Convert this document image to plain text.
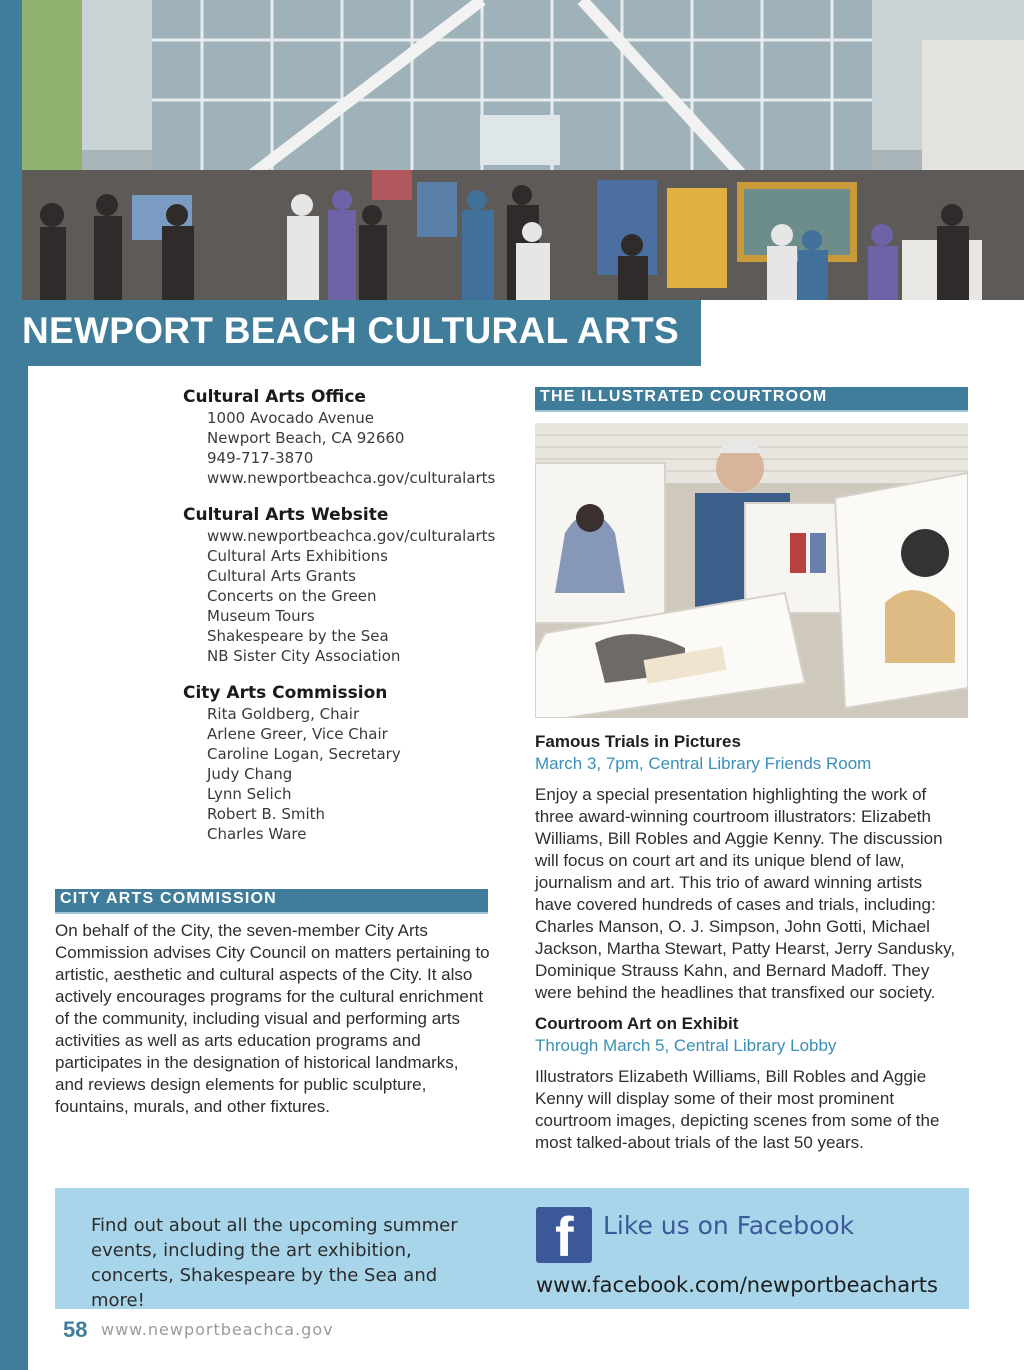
NEWPORT BEACH CULTURAL ARTS
Cultural Arts Office
1000 Avocado Avenue
Newport Beach, CA 92660
949-717-3870
www.newportbeachca.gov/culturalarts
Cultural Arts Website
www.newportbeachca.gov/culturalarts
Cultural Arts Exhibitions
Cultural Arts Grants
Concerts on the Green
Museum Tours
Shakespeare by the Sea
NB Sister City Association
City Arts Commission
Rita Goldberg, Chair
Arlene Greer, Vice Chair
Caroline Logan, Secretary
Judy Chang
Lynn Selich
Robert B. Smith
Charles Ware
CITY ARTS COMMISSION
On behalf of the City, the seven-member City Arts Commission advises City Council on matters pertaining to artistic, aesthetic and cultural aspects of the City. It also actively encourages programs for the cultural enrichment of the community, including visual and performing arts activities as well as arts education programs and participates in the designation of historical landmarks, and reviews design elements for public sculpture, fountains, murals, and other fixtures.
THE ILLUSTRATED COURTROOM
Famous Trials in Pictures
March 3, 7pm, Central Library Friends Room
Enjoy a special presentation highlighting the work of three award-winning courtroom illustrators: Elizabeth Williams, Bill Robles and Aggie Kenny. The discussion will focus on court art and its unique blend of law, journalism and art. This trio of award winning artists have covered hundreds of cases and trials, including: Charles Manson, O. J. Simpson, John Gotti, Michael Jackson, Martha Stewart, Patty Hearst, Jerry Sandusky, Dominique Strauss Kahn, and Bernard Madoff. They were behind the headlines that transfixed our society.
Courtroom Art on Exhibit
Through March 5, Central Library Lobby
Illustrators Elizabeth Williams, Bill Robles and Aggie Kenny will display some of their most prominent courtroom images, depicting scenes from some of the most talked-about trials of the last 50 years.
Find out about all the upcoming summer events, including the art exhibition, concerts, Shakespeare by the Sea and more!
f Like us on Facebook
www.facebook.com/newportbeacharts
58 www.newportbeachca.gov
